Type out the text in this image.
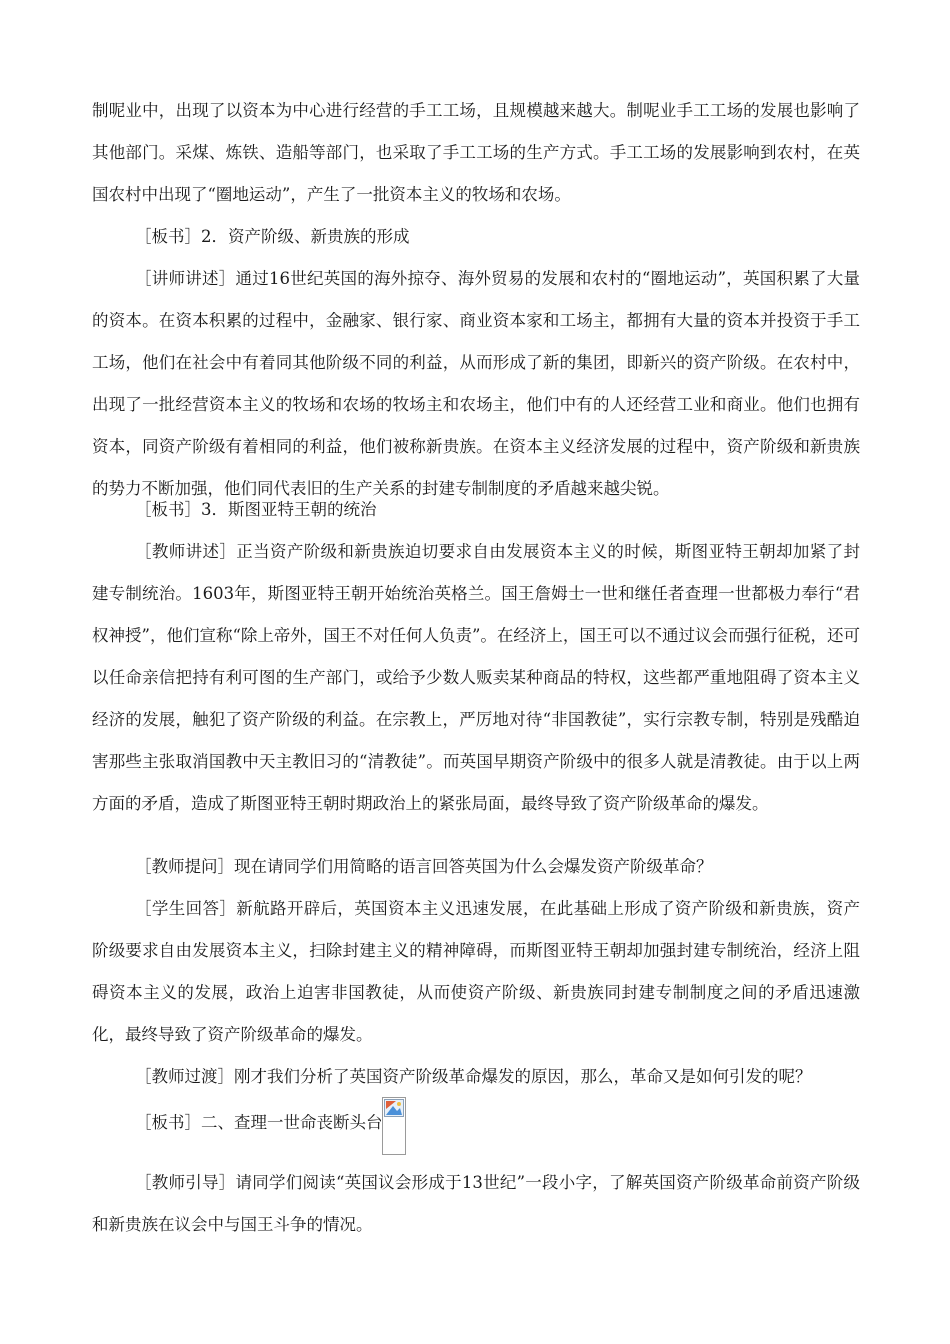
制呢业中，出现了以资本为中心进行经营的手工工场，且规模越来越大。制呢业手工工场的发展也影响了其他部门。采煤、炼铁、造船等部门，也采取了手工工场的生产方式。手工工场的发展影响到农村，在英国农村中出现了“圈地运动”，产生了一批资本主义的牧场和农场。

［板书］2．资产阶级、新贵族的形成

［讲师讲述］通过16世纪英国的海外掠夺、海外贸易的发展和农村的“圈地运动”，英国积累了大量的资本。在资本积累的过程中，金融家、银行家、商业资本家和工场主，都拥有大量的资本并投资于手工工场，他们在社会中有着同其他阶级不同的利益，从而形成了新的集团，即新兴的资产阶级。在农村中，出现了一批经营资本主义的牧场和农场的牧场主和农场主，他们中有的人还经营工业和商业。他们也拥有资本，同资产阶级有着相同的利益，他们被称新贵族。在资本主义经济发展的过程中，资产阶级和新贵族的势力不断加强，他们同代表旧的生产关系的封建专制制度的矛盾越来越尖锐。

［板书］3．斯图亚特王朝的统治

［教师讲述］正当资产阶级和新贵族迫切要求自由发展资本主义的时候，斯图亚特王朝却加紧了封建专制统治。1603年，斯图亚特王朝开始统治英格兰。国王詹姆士一世和继任者查理一世都极力奉行“君权神授”，他们宣称“除上帝外，国王不对任何人负责”。在经济上，国王可以不通过议会而强行征税，还可以任命亲信把持有利可图的生产部门，或给予少数人贩卖某种商品的特权，这些都严重地阻碍了资本主义经济的发展，触犯了资产阶级的利益。在宗教上，严厉地对待“非国教徒”，实行宗教专制，特别是残酷迫害那些主张取消国教中天主教旧习的“清教徒”。而英国早期资产阶级中的很多人就是清教徒。由于以上两方面的矛盾，造成了斯图亚特王朝时期政治上的紧张局面，最终导致了资产阶级革命的爆发。

［教师提问］现在请同学们用简略的语言回答英国为什么会爆发资产阶级革命？

［学生回答］新航路开辟后，英国资本主义迅速发展，在此基础上形成了资产阶级和新贵族，资产阶级要求自由发展资本主义，扫除封建主义的精神障碍，而斯图亚特王朝却加强封建专制统治，经济上阻碍资本主义的发展，政治上迫害非国教徒，从而使资产阶级、新贵族同封建专制制度之间的矛盾迅速激化，最终导致了资产阶级革命的爆发。

［教师过渡］刚才我们分析了英国资产阶级革命爆发的原因，那么，革命又是如何引发的呢？

［板书］二、查理一世命丧断头台

［教师引导］请同学们阅读“英国议会形成于13世纪”一段小字，了解英国资产阶级革命前资产阶级和新贵族在议会中与国王斗争的情况。
